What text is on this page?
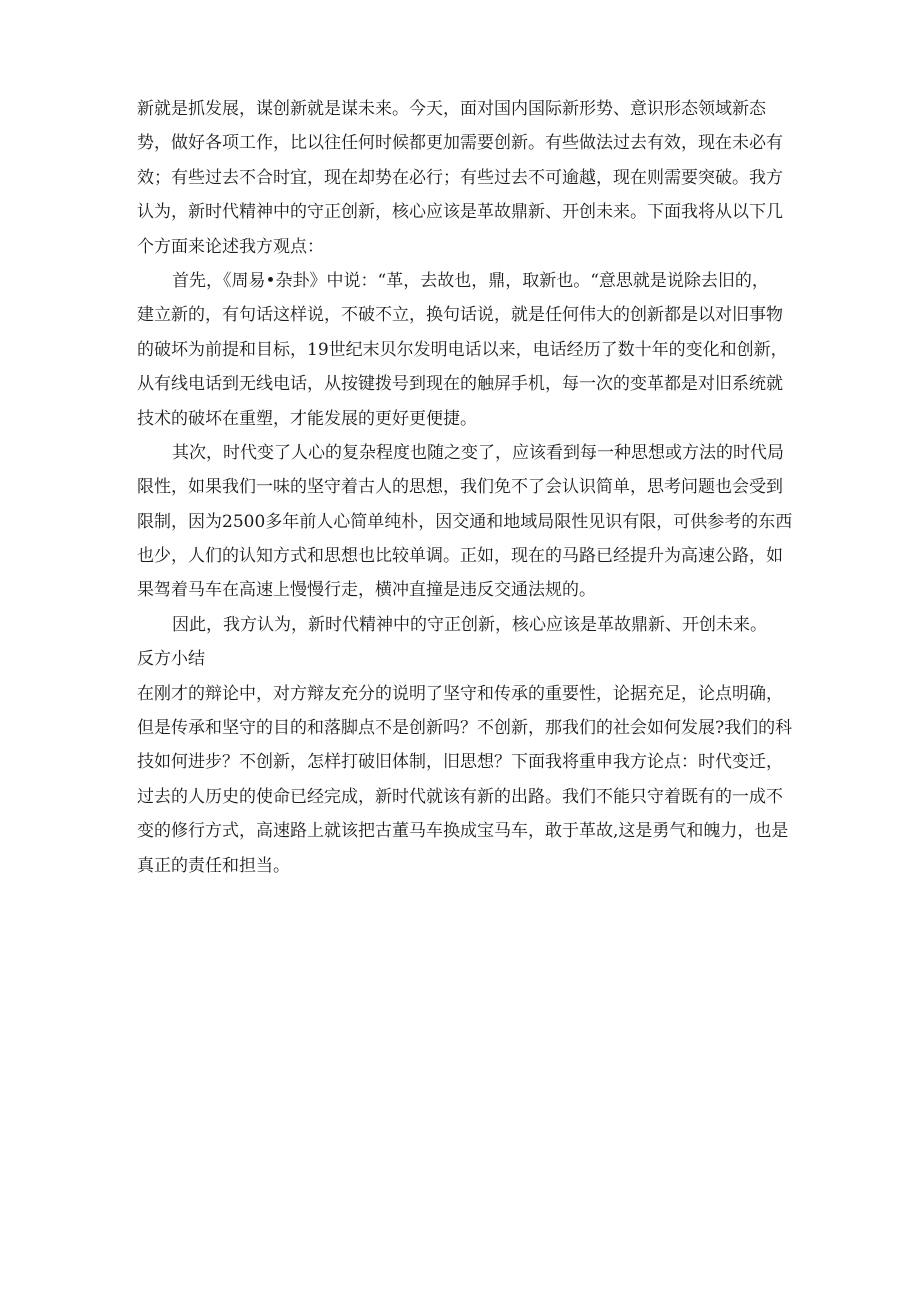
新就是抓发展，谋创新就是谋未来。今天，面对国内国际新形势、意识形态领域新态
势，做好各项工作，比以往任何时候都更加需要创新。有些做法过去有效，现在未必有
效；有些过去不合时宜，现在却势在必行；有些过去不可逾越，现在则需要突破。我方
认为，新时代精神中的守正创新，核心应该是革故鼎新、开创未来。下面我将从以下几
个方面来论述我方观点：
首先，《周易•杂卦》中说：“革，去故也，鼎，取新也。“意思就是说除去旧的，
建立新的，有句话这样说，不破不立，换句话说，就是任何伟大的创新都是以对旧事物
的破坏为前提和目标，19世纪末贝尔发明电话以来，电话经历了数十年的变化和创新，
从有线电话到无线电话，从按键拨号到现在的触屏手机，每一次的变革都是对旧系统就
技术的破坏在重塑，才能发展的更好更便捷。
其次，时代变了人心的复杂程度也随之变了，应该看到每一种思想或方法的时代局
限性，如果我们一味的坚守着古人的思想，我们免不了会认识简单，思考问题也会受到
限制，因为2500多年前人心简单纯朴，因交通和地域局限性见识有限，可供参考的东西
也少，人们的认知方式和思想也比较单调。正如，现在的马路已经提升为高速公路，如
果驾着马车在高速上慢慢行走，横冲直撞是违反交通法规的。
因此，我方认为，新时代精神中的守正创新，核心应该是革故鼎新、开创未来。
反方小结
在刚才的辩论中，对方辩友充分的说明了坚守和传承的重要性，论据充足，论点明确，
但是传承和坚守的目的和落脚点不是创新吗？不创新，那我们的社会如何发展?我们的科
技如何进步？不创新，怎样打破旧体制，旧思想？下面我将重申我方论点：时代变迁，
过去的人历史的使命已经完成，新时代就该有新的出路。我们不能只守着既有的一成不
变的修行方式，高速路上就该把古董马车换成宝马车，敢于革故,这是勇气和魄力，也是
真正的责任和担当。
